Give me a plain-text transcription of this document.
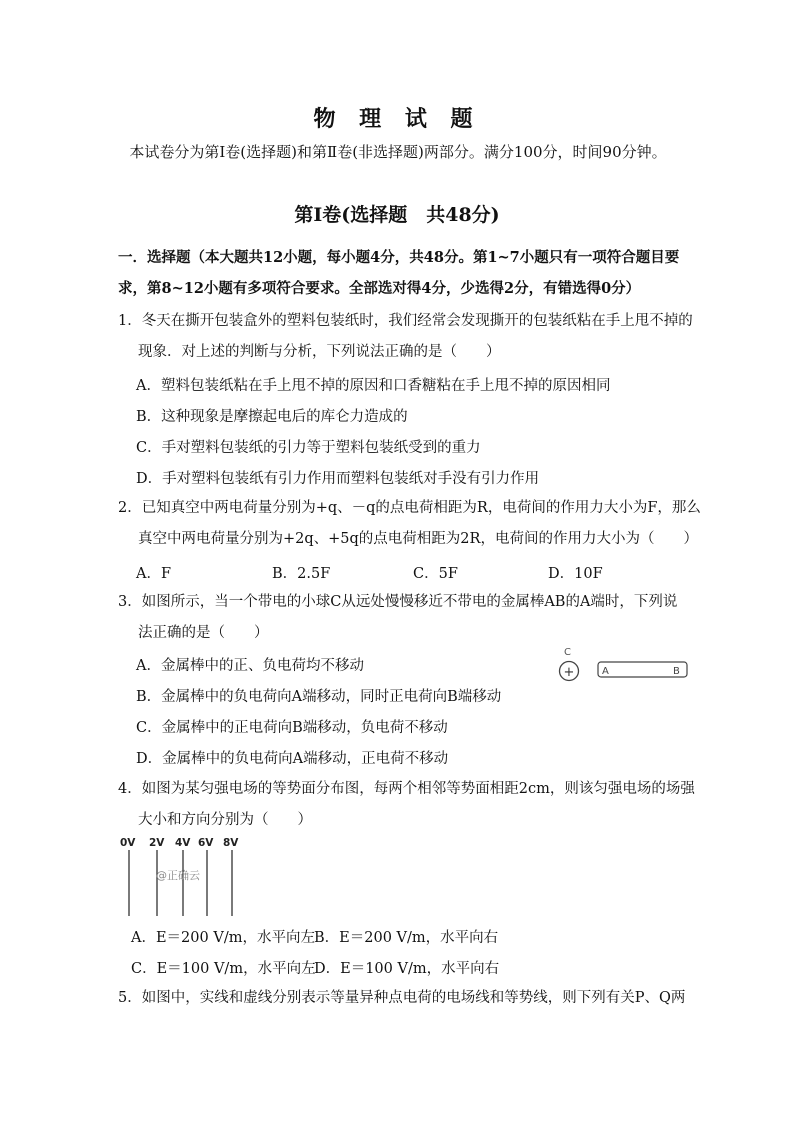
物 理 试 题
本试卷分为第Ⅰ卷(选择题)和第Ⅱ卷(非选择题)两部分。满分100分，时间90分钟。
第Ⅰ卷(选择题　共48分)
一．选择题（本大题共12小题，每小题4分，共48分。第1~7小题只有一项符合题目要
求，第8~12小题有多项符合要求。全部选对得4分，少选得2分，有错选得0分）
1．冬天在撕开包装盒外的塑料包装纸时，我们经常会发现撕开的包装纸粘在手上甩不掉的
现象．对上述的判断与分析，下列说法正确的是（　　）
A．塑料包装纸粘在手上甩不掉的原因和口香糖粘在手上甩不掉的原因相同
B．这种现象是摩擦起电后的库仑力造成的
C．手对塑料包装纸的引力等于塑料包装纸受到的重力
D．手对塑料包装纸有引力作用而塑料包装纸对手没有引力作用
2．已知真空中两电荷量分别为+q、－q的点电荷相距为R，电荷间的作用力大小为F，那么
真空中两电荷量分别为+2q、+5q的点电荷相距为2R，电荷间的作用力大小为（　　）
A．F	B．2.5F	C．5F	D．10F
3．如图所示，当一个带电的小球C从远处慢慢移近不带电的金属棒AB的A端时，下列说
法正确的是（　　）
A．金属棒中的正、负电荷均不移动
B．金属棒中的负电荷向A端移动，同时正电荷向B端移动
C．金属棒中的正电荷向B端移动，负电荷不移动
D．金属棒中的负电荷向A端移动，正电荷不移动
C
+	A	B
4．如图为某匀强电场的等势面分布图，每两个相邻等势面相距2cm，则该匀强电场的场强
大小和方向分别为（　　）
0V 2V 4V 6V 8V
@正确云
A．E＝200 V/m，水平向左 B．E＝200 V/m，水平向右
C．E＝100 V/m，水平向左
D．E＝100 V/m，水平向右
5．如图中，实线和虚线分别表示等量异种点电荷的电场线和等势线，则下列有关P、Q两
